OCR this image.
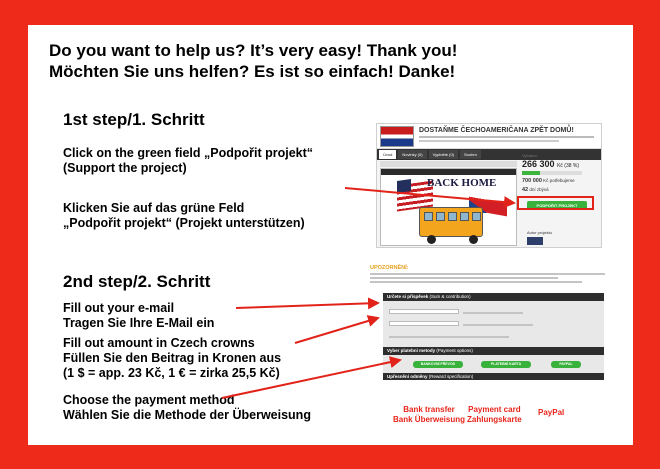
Do you want to help us? It’s very easy! Thank you!
Möchten Sie uns helfen? Es ist so einfach! Danke!
1st step/1. Schritt
Click on the green field „Podpořit projekt“
(Support the project)
Klicken Sie auf das grüne Feld
„Podpořit projekt“ (Projekt unterstützen)
2nd step/2. Schritt
Fill out your e-mail
Tragen Sie Ihre E-Mail ein
Fill out amount in Czech crowns
Füllen Sie den Beitrag in Kronen aus
(1 $ = app. 23 Kč, 1 € = zirka 25,5 Kč)
Choose the payment method
Wählen Sie die Methode der Überweisung
DOSTAŇME ČECHOAMERIČANA ZPĚT DOMŮ!
Úvod	Novinky (0)	Vyplněte (0)	Souhrn
BACK HOME
Vybráno
266 300 Kč (38 %)
700 000 Kč potřebujeme
42 dní zbývá
PODPOŘIT PROJEKT
Autor projektu
UPOZORNĚNÍ:
Určete si příspěvek (Sum & contribution)
Vyber platební metody (Payment options)
BANKOVNÍ PŘEVOD	PLATEBNÍ KARTA	PAYPAL
Upřesnění odměny (Reward specification)
Bank transfer
Bank Überweisung
Payment card
Zahlungskarte
PayPal
